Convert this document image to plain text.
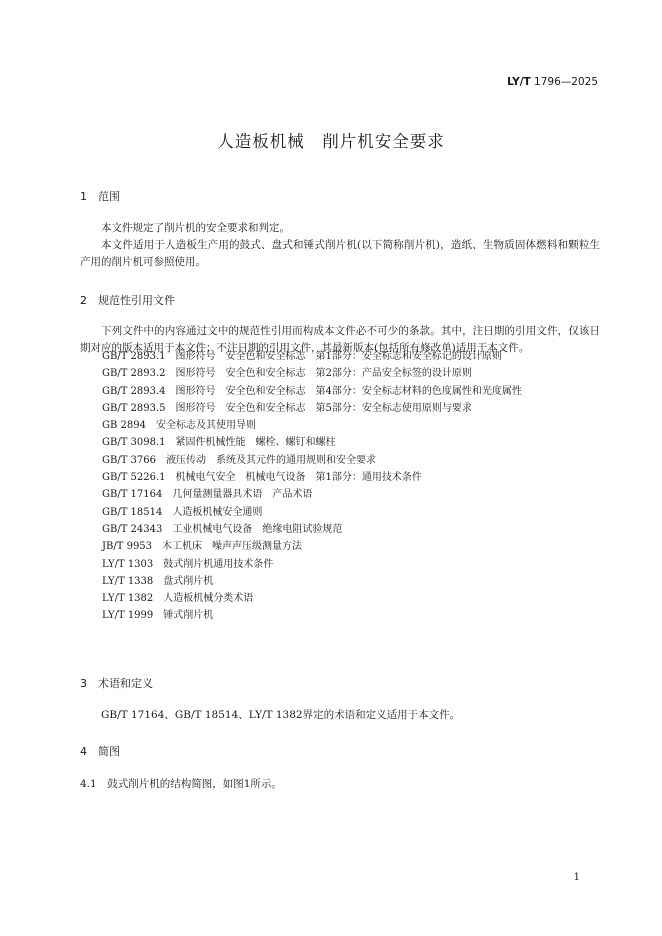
LY/T 1796—2025
人造板机械　削片机安全要求
1 范围
本文件规定了削片机的安全要求和判定。
本文件适用于人造板生产用的鼓式、盘式和锤式削片机(以下简称削片机)，造纸、生物质固体燃料和颗粒生产用的削片机可参照使用。
2 规范性引用文件
下列文件中的内容通过文中的规范性引用而构成本文件必不可少的条款。其中，注日期的引用文件，仅该日期对应的版本适用于本文件；不注日期的引用文件，其最新版本(包括所有修改单)适用于本文件。
GB/T 2893.1　图形符号　安全色和安全标志　第1部分：安全标志和安全标记的设计原则
GB/T 2893.2　图形符号　安全色和安全标志　第2部分：产品安全标签的设计原则
GB/T 2893.4　图形符号　安全色和安全标志　第4部分：安全标志材料的色度属性和光度属性
GB/T 2893.5　图形符号　安全色和安全标志　第5部分：安全标志使用原则与要求
GB 2894　安全标志及其使用导则
GB/T 3098.1　紧固件机械性能　螺栓、螺钉和螺柱
GB/T 3766　液压传动　系统及其元件的通用规则和安全要求
GB/T 5226.1　机械电气安全　机械电气设备　第1部分：通用技术条件
GB/T 17164　几何量测量器具术语　产品术语
GB/T 18514　人造板机械安全通则
GB/T 24343　工业机械电气设备　绝缘电阻试验规范
JB/T 9953　木工机床　噪声声压级测量方法
LY/T 1303　鼓式削片机通用技术条件
LY/T 1338　盘式削片机
LY/T 1382　人造板机械分类术语
LY/T 1999　锤式削片机
3 术语和定义
GB/T 17164、GB/T 18514、LY/T 1382界定的术语和定义适用于本文件。
4 简图
4.1　鼓式削片机的结构简图，如图1所示。
1
